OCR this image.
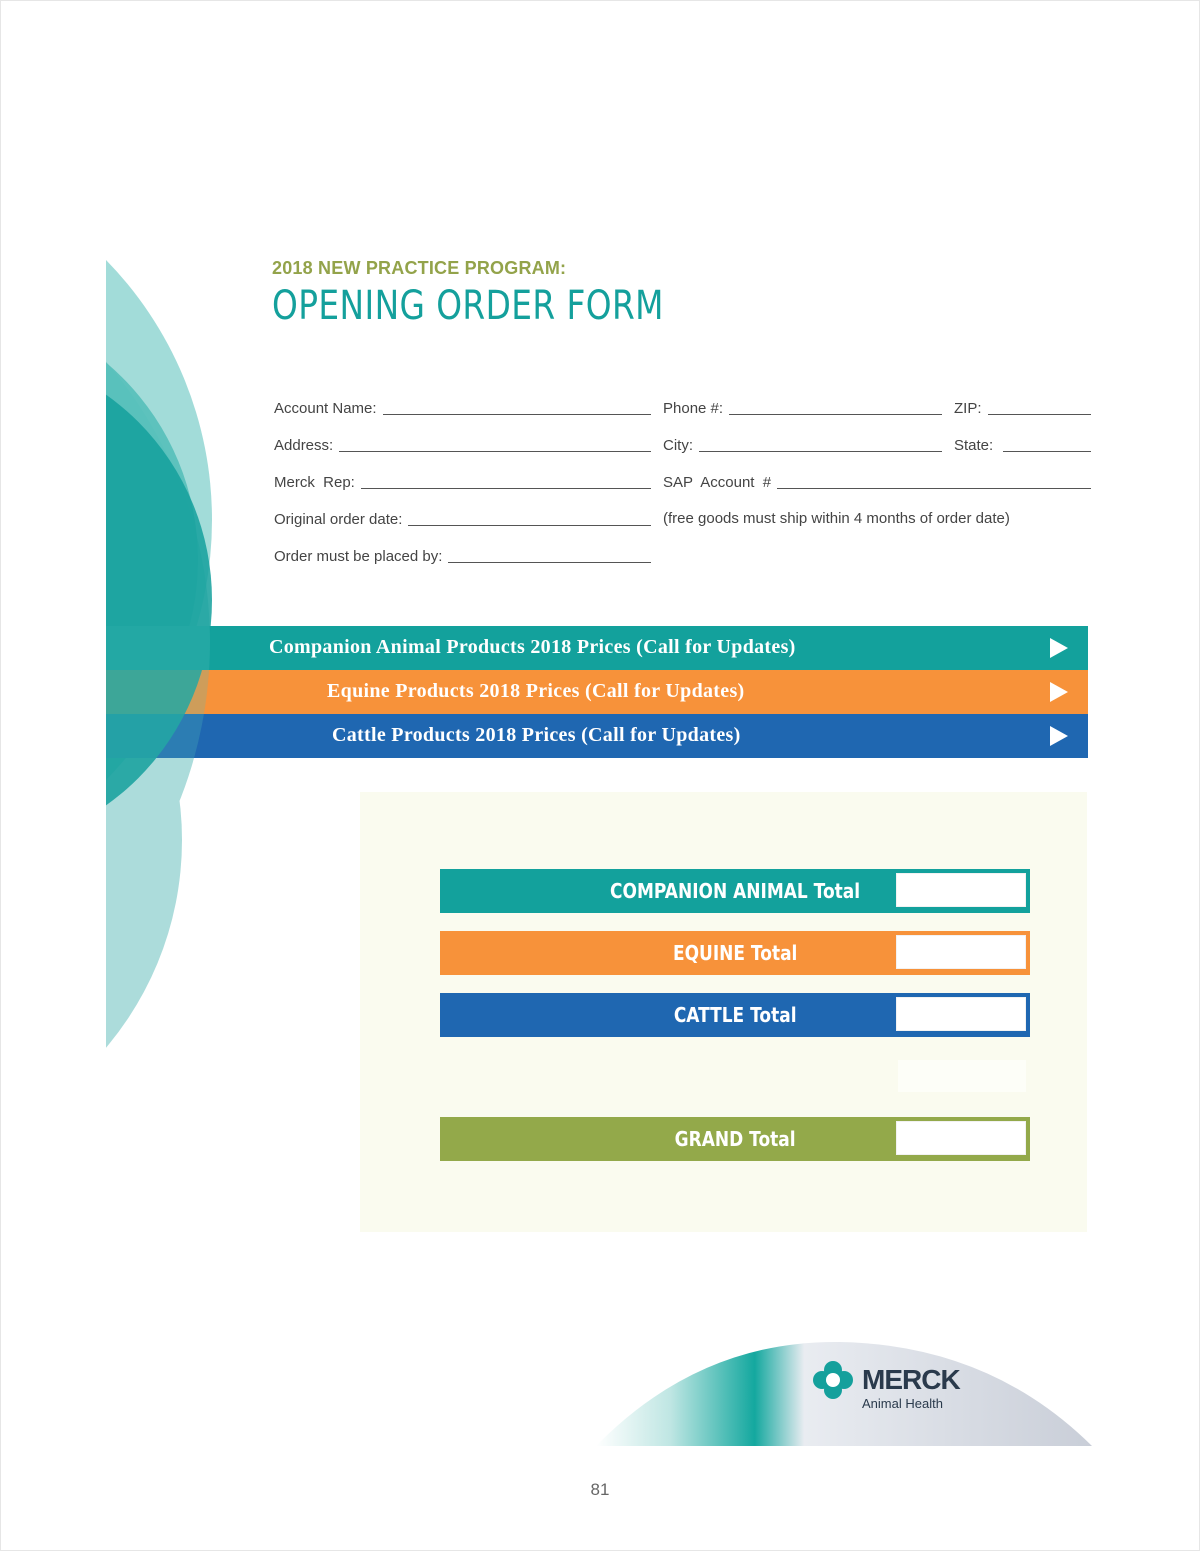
2018 NEW PRACTICE PROGRAM:
OPENING ORDER FORM
Account Name:	Phone #:	ZIP:
Address:	City:	State:
Merck  Rep:	SAP  Account  #
Original order date:	(free goods must ship within 4 months of order date)
Order must be placed by:
Companion Animal Products 2018 Prices (Call for Updates)
Equine Products 2018 Prices (Call for Updates)
Cattle Products 2018 Prices (Call for Updates)
COMPANION ANIMAL Total
EQUINE Total
CATTLE Total
GRAND Total
MERCK
Animal Health
81
